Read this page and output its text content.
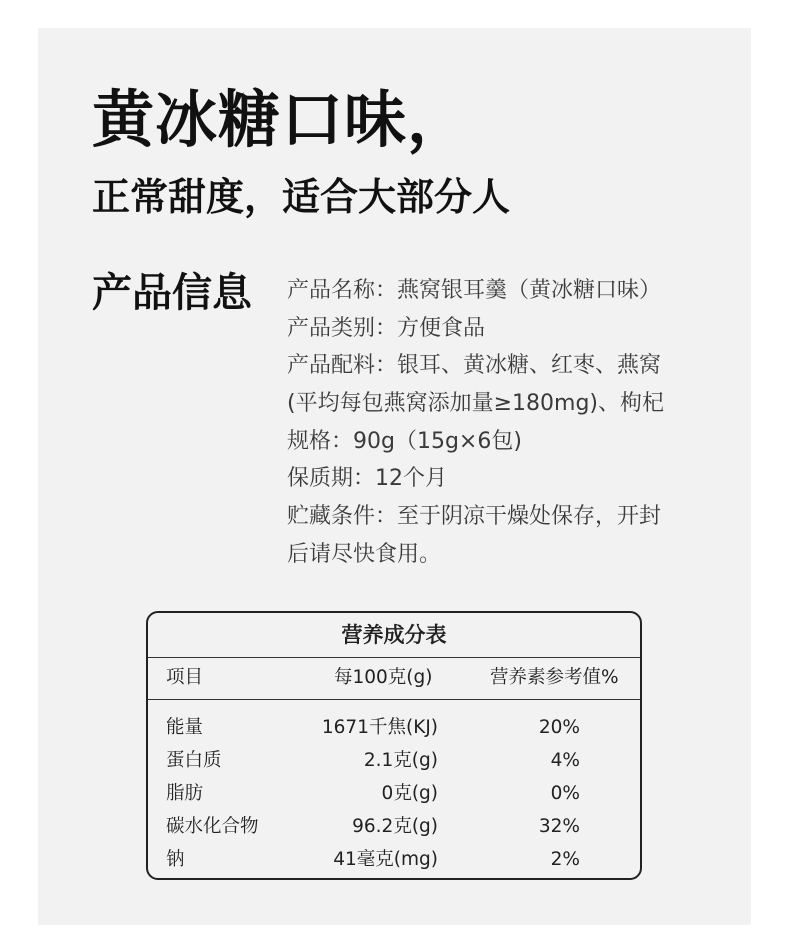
黄冰糖口味，
正常甜度，适合大部分人
产品信息 产品名称：燕窝银耳羹（黄冰糖口味）
产品类别：方便食品
产品配料：银耳、黄冰糖、红枣、燕窝
(平均每包燕窝添加量≥180mg)、枸杞
规格：90g（15g×6包)
保质期：12个月
贮藏条件：至于阴凉干燥处保存，开封
后请尽快食用。
营养成分表
项目	每100克(g)	营养素参考值%
能量	1671千焦(KJ)	20%
蛋白质	2.1克(g)	4%
脂肪	0克(g)	0%
碳水化合物	96.2克(g)	32%
钠	41毫克(mg)	2%
